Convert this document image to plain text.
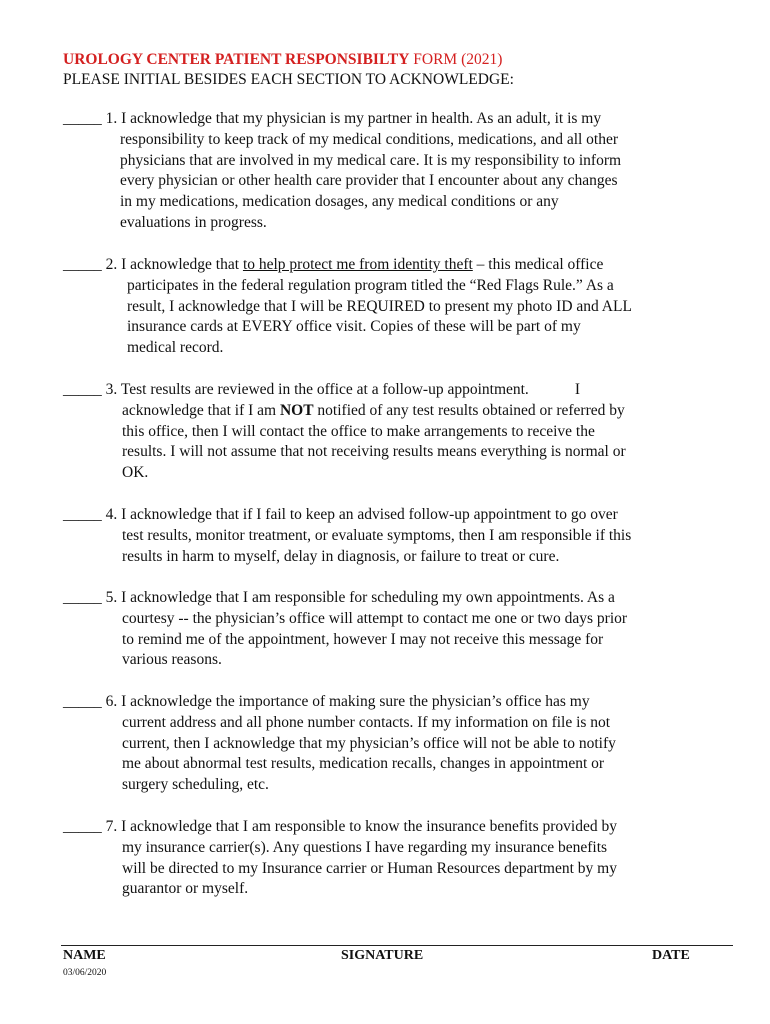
UROLOGY CENTER PATIENT RESPONSIBILTY FORM (2021)
PLEASE INITIAL BESIDES EACH SECTION TO ACKNOWLEDGE:
_____ 1. I acknowledge that my physician is my partner in health. As an adult, it is my
responsibility to keep track of my medical conditions, medications, and all other
physicians that are involved in my medical care. It is my responsibility to inform
every physician or other health care provider that I encounter about any changes
in my medications, medication dosages, any medical conditions or any
evaluations in progress.
_____ 2. I acknowledge that to help protect me from identity theft – this medical office
participates in the federal regulation program titled the “Red Flags Rule.” As a
result, I acknowledge that I will be REQUIRED to present my photo ID and ALL
insurance cards at EVERY office visit. Copies of these will be part of my
medical record.
_____ 3. Test results are reviewed in the office at a follow-up appointment.	I
acknowledge that if I am NOT notified of any test results obtained or referred by
this office, then I will contact the office to make arrangements to receive the
results. I will not assume that not receiving results means everything is normal or
OK.
_____ 4. I acknowledge that if I fail to keep an advised follow-up appointment to go over
test results, monitor treatment, or evaluate symptoms, then I am responsible if this
results in harm to myself, delay in diagnosis, or failure to treat or cure.
_____ 5. I acknowledge that I am responsible for scheduling my own appointments. As a
courtesy -- the physician’s office will attempt to contact me one or two days prior
to remind me of the appointment, however I may not receive this message for
various reasons.
_____ 6. I acknowledge the importance of making sure the physician’s office has my
current address and all phone number contacts. If my information on file is not
current, then I acknowledge that my physician’s office will not be able to notify
me about abnormal test results, medication recalls, changes in appointment or
surgery scheduling, etc.
_____ 7. I acknowledge that I am responsible to know the insurance benefits provided by
my insurance carrier(s). Any questions I have regarding my insurance benefits
will be directed to my Insurance carrier or Human Resources department by my
guarantor or myself.
NAME	SIGNATURE	DATE
03/06/2020
